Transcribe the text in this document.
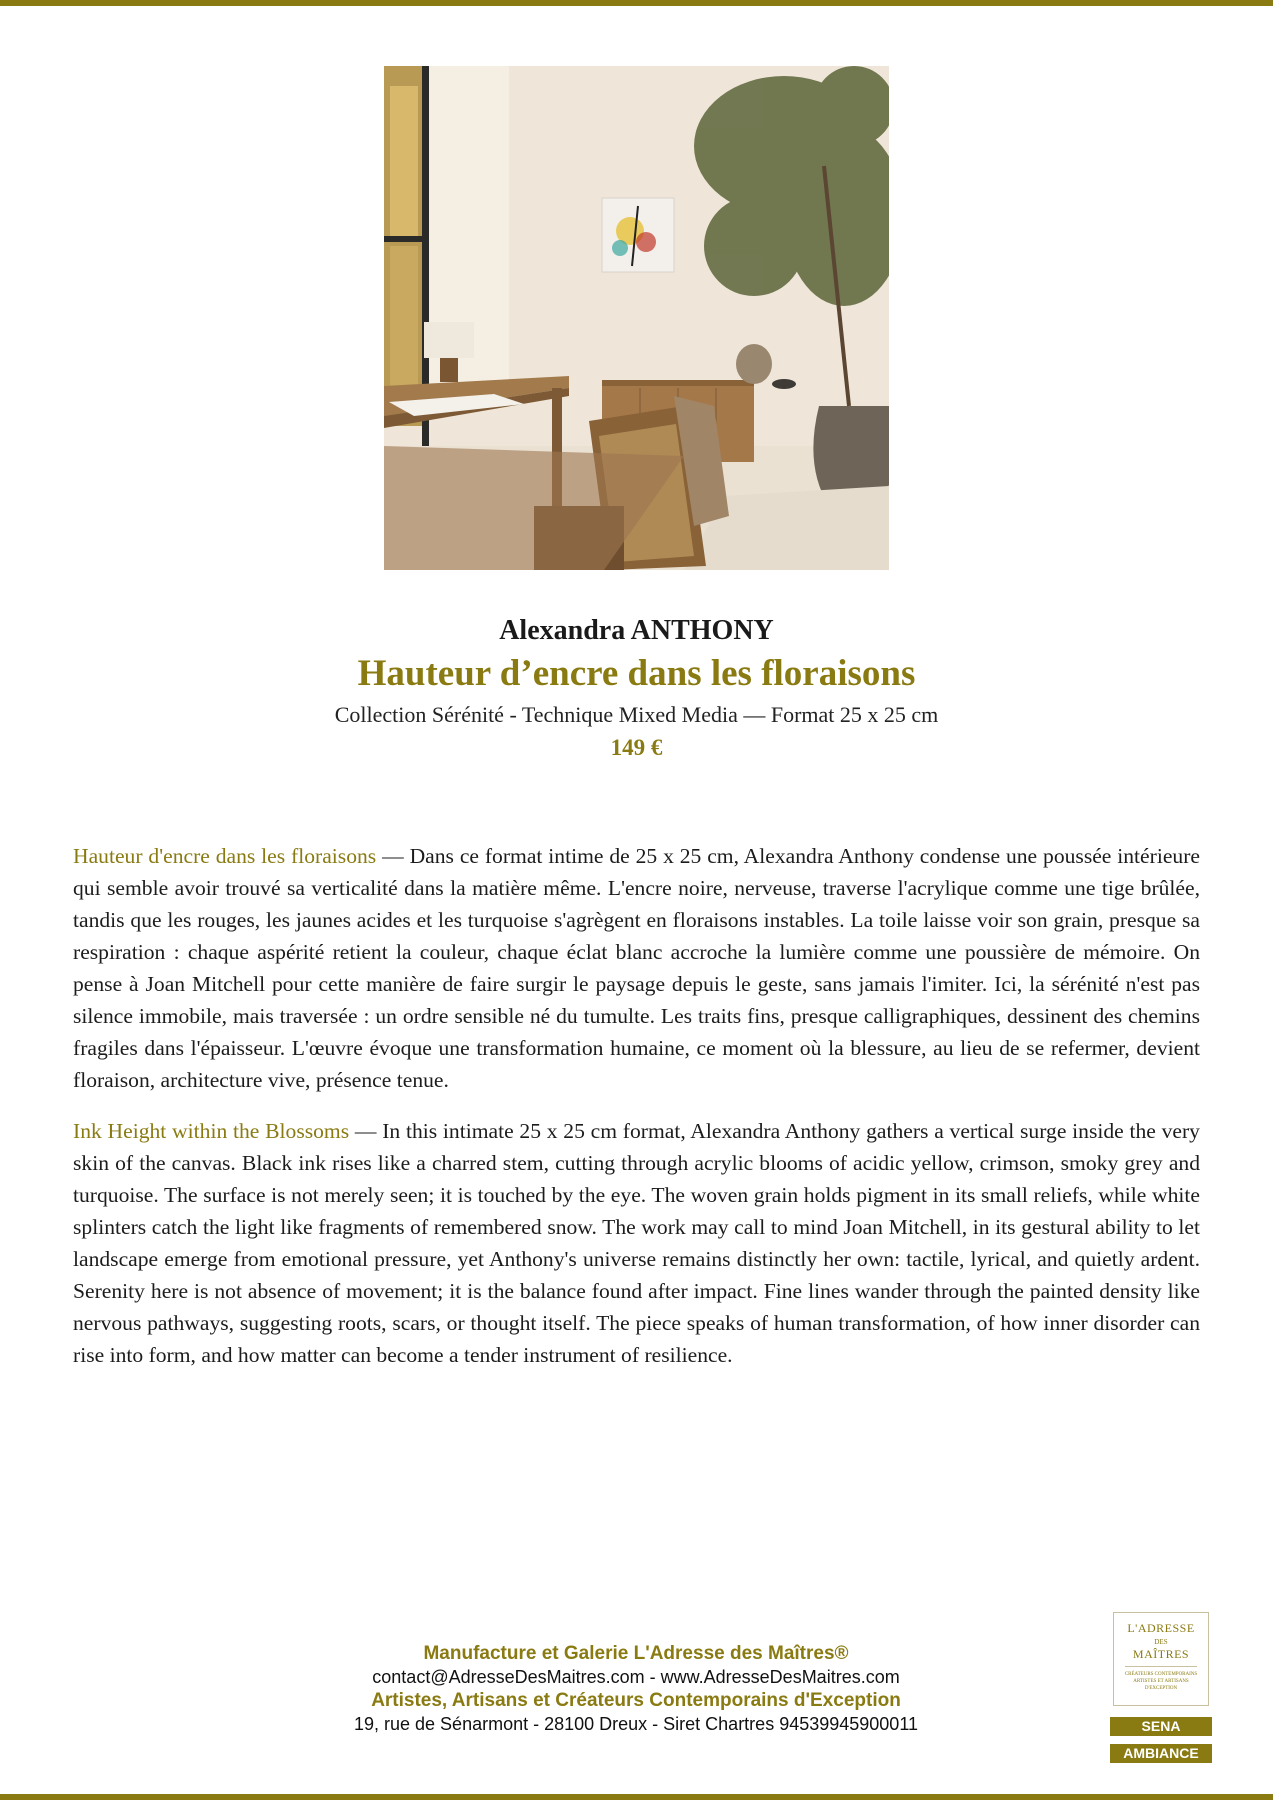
Alexandra ANTHONY
Hauteur d’encre dans les floraisons
Collection Sérénité - Technique Mixed Media — Format 25 x 25 cm
149 €

Hauteur d'encre dans les floraisons — Dans ce format intime de 25 x 25 cm, Alexandra Anthony condense une poussée intérieure qui semble avoir trouvé sa verticalité dans la matière même. L'encre noire, nerveuse, traverse l'acrylique comme une tige brûlée, tandis que les rouges, les jaunes acides et les turquoise s'agrègent en floraisons instables. La toile laisse voir son grain, presque sa respiration : chaque aspérité retient la couleur, chaque éclat blanc accroche la lumière comme une poussière de mémoire. On pense à Joan Mitchell pour cette manière de faire surgir le paysage depuis le geste, sans jamais l'imiter. Ici, la sérénité n'est pas silence immobile, mais traversée : un ordre sensible né du tumulte. Les traits fins, presque calligraphiques, dessinent des chemins fragiles dans l'épaisseur. L'œuvre évoque une transformation humaine, ce moment où la blessure, au lieu de se refermer, devient floraison, architecture vive, présence tenue.

Ink Height within the Blossoms — In this intimate 25 x 25 cm format, Alexandra Anthony gathers a vertical surge inside the very skin of the canvas. Black ink rises like a charred stem, cutting through acrylic blooms of acidic yellow, crimson, smoky grey and turquoise. The surface is not merely seen; it is touched by the eye. The woven grain holds pigment in its small reliefs, while white splinters catch the light like fragments of remembered snow. The work may call to mind Joan Mitchell, in its gestural ability to let landscape emerge from emotional pressure, yet Anthony's universe remains distinctly her own: tactile, lyrical, and quietly ardent. Serenity here is not absence of movement; it is the balance found after impact. Fine lines wander through the painted density like nervous pathways, suggesting roots, scars, or thought itself. The piece speaks of human transformation, of how inner disorder can rise into form, and how matter can become a tender instrument of resilience.

Manufacture et Galerie L'Adresse des Maîtres®
contact@AdresseDesMaitres.com - www.AdresseDesMaitres.com
Artistes, Artisans et Créateurs Contemporains d'Exception
19, rue de Sénarmont - 28100 Dreux - Siret Chartres 94539945900011
L'ADRESSE
DES
MAÎTRES
CRÉATEURS CONTEMPORAINS ARTISTES ET ARTISANS D'EXCEPTION
SENA
AMBIANCE
